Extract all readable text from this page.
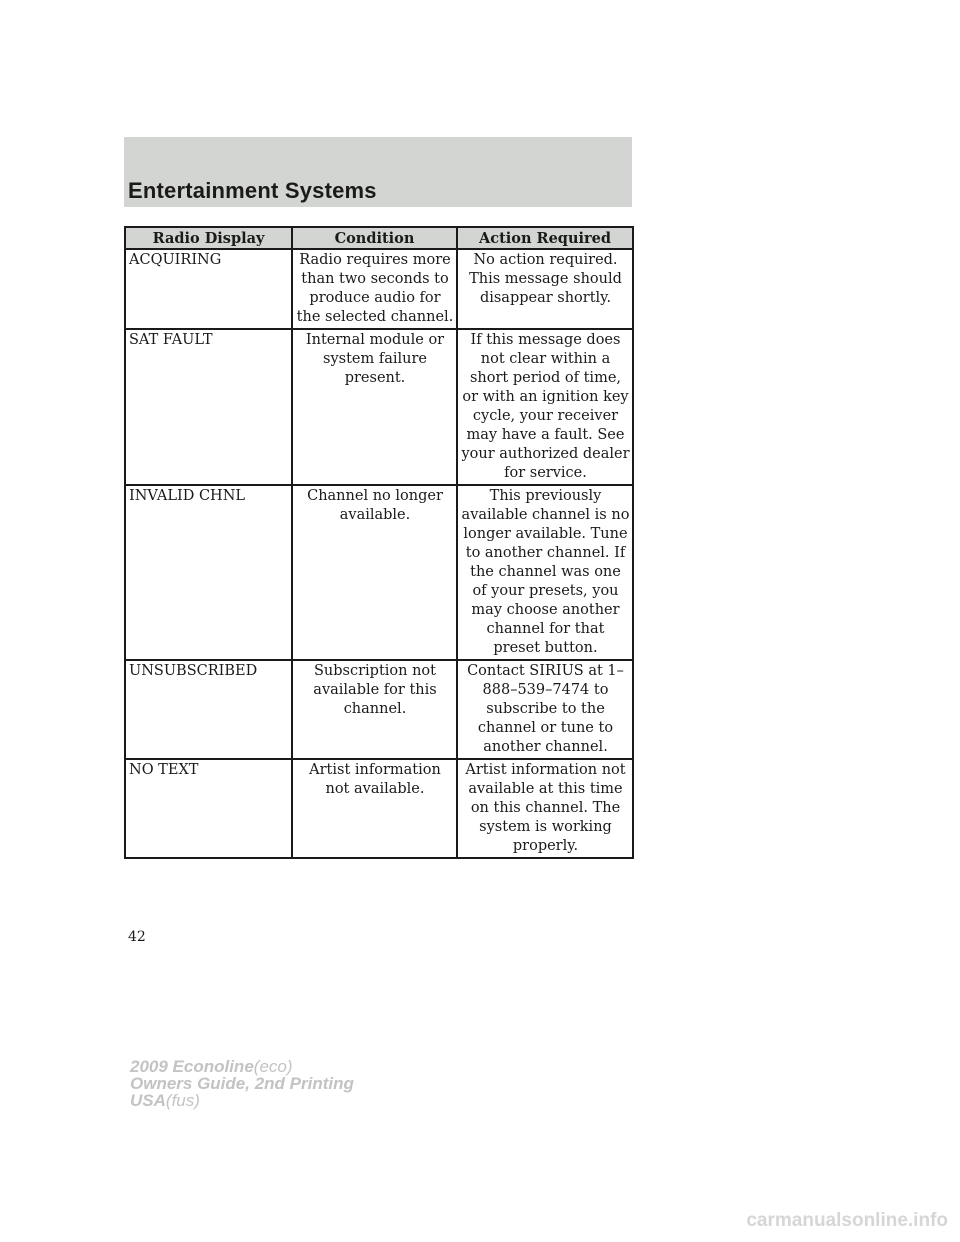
Entertainment Systems
Radio Display	Condition	Action Required
ACQUIRING	Radio requires more than two seconds to produce audio for the selected channel.	No action required. This message should disappear shortly.
SAT FAULT	Internal module or system failure present.	If this message does not clear within a short period of time, or with an ignition key cycle, your receiver may have a fault. See your authorized dealer for service.
INVALID CHNL	Channel no longer available.	This previously available channel is no longer available. Tune to another channel. If the channel was one of your presets, you may choose another channel for that preset button.
UNSUBSCRIBED	Subscription not available for this channel.	Contact SIRIUS at 1–888–539–7474 to subscribe to the channel or tune to another channel.
NO TEXT	Artist information not available.	Artist information not available at this time on this channel. The system is working properly.

42

2009 Econoline(eco)
Owners Guide, 2nd Printing
USA(fus)
carmanualsonline.info
